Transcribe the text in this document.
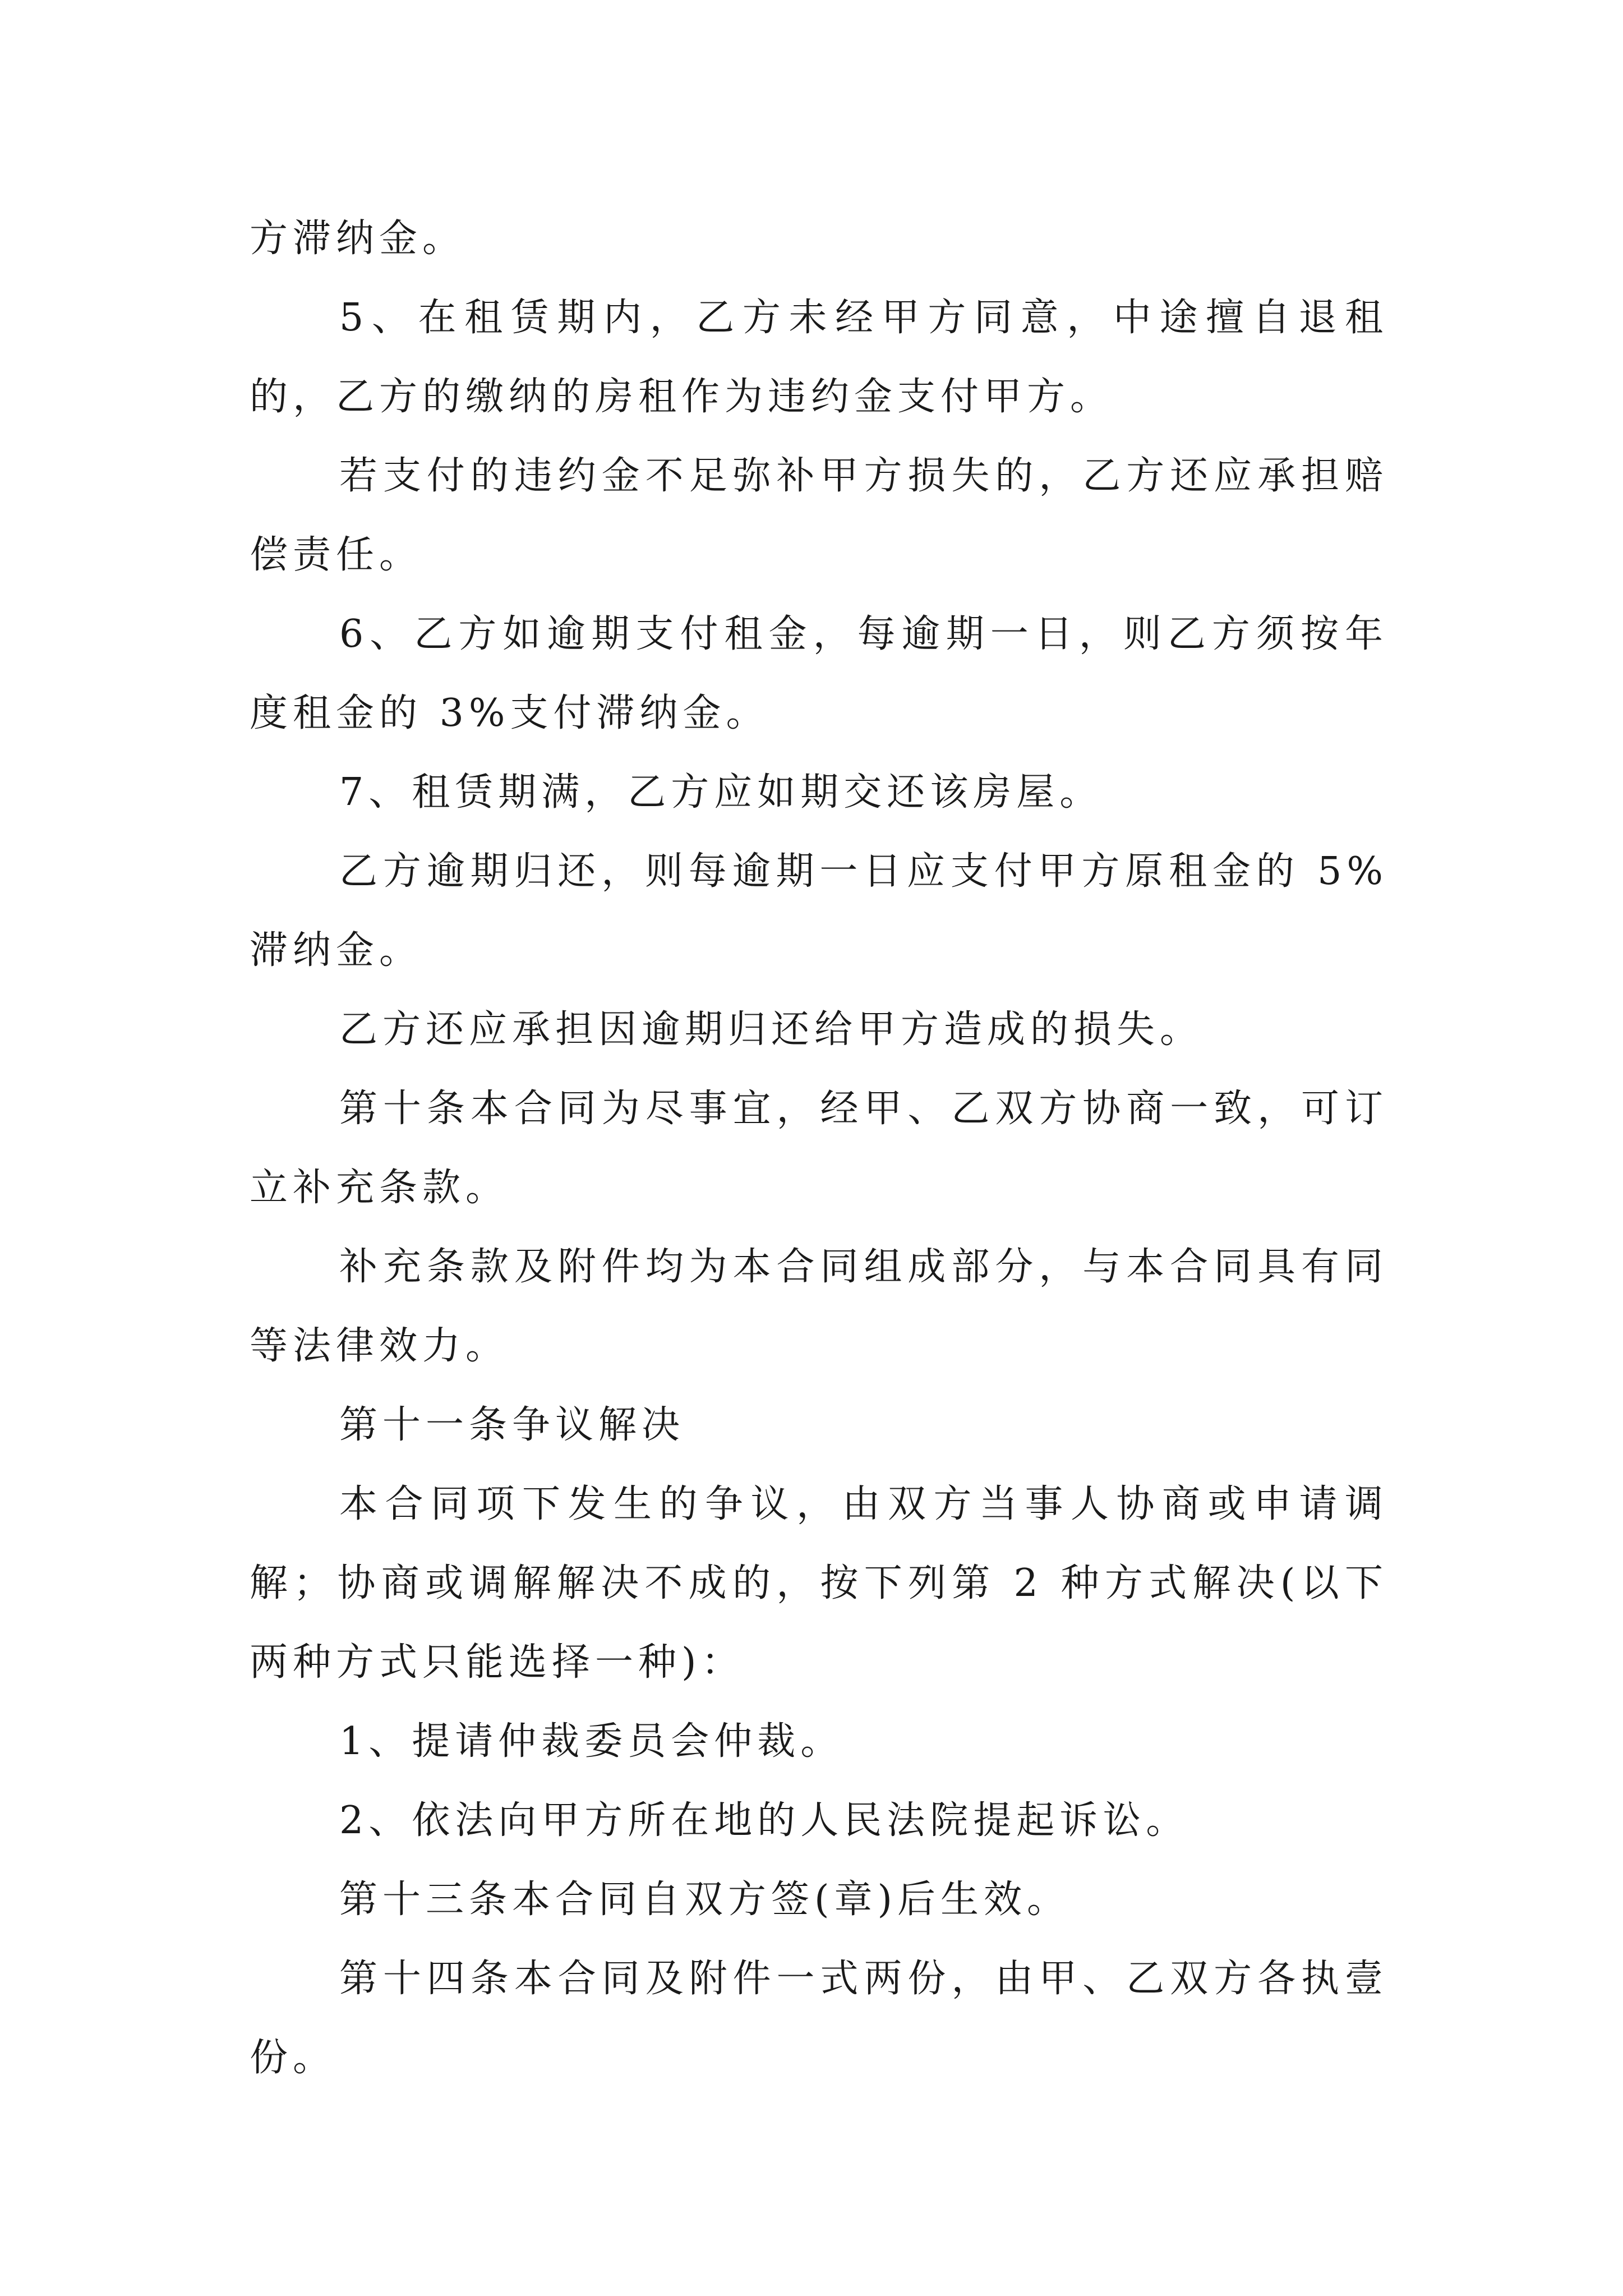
方滞纳金。

5、在租赁期内，乙方未经甲方同意，中途擅自退租的，乙方的缴纳的房租作为违约金支付甲方。

若支付的违约金不足弥补甲方损失的，乙方还应承担赔偿责任。

6、乙方如逾期支付租金，每逾期一日，则乙方须按年度租金的 3%支付滞纳金。

7、租赁期满，乙方应如期交还该房屋。

乙方逾期归还，则每逾期一日应支付甲方原租金的 5%滞纳金。

乙方还应承担因逾期归还给甲方造成的损失。

第十条本合同为尽事宜，经甲、乙双方协商一致，可订立补充条款。

补充条款及附件均为本合同组成部分，与本合同具有同等法律效力。

第十一条争议解决

本合同项下发生的争议，由双方当事人协商或申请调解；协商或调解解决不成的，按下列第 2 种方式解决(以下两种方式只能选择一种)：

1、提请仲裁委员会仲裁。

2、依法向甲方所在地的人民法院提起诉讼。

第十三条本合同自双方签(章)后生效。

第十四条本合同及附件一式两份，由甲、乙双方各执壹份。
